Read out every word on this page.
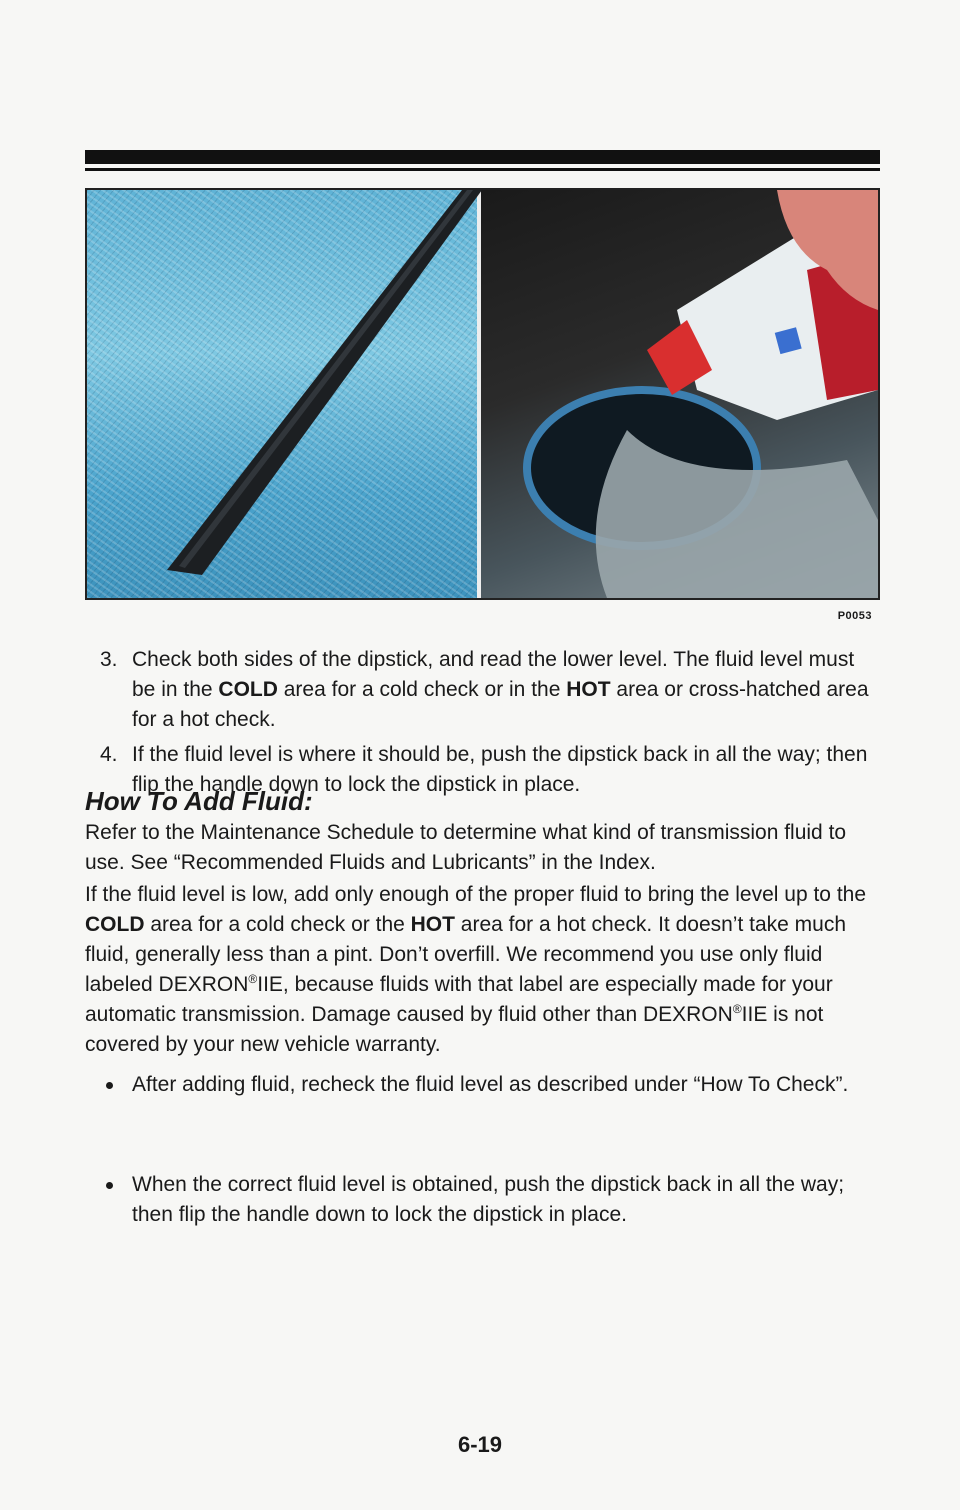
P0053
3. Check both sides of the dipstick, and read the lower level. The fluid level must be in the COLD area for a cold check or in the HOT area or cross-hatched area for a hot check.
4. If the fluid level is where it should be, push the dipstick back in all the way; then flip the handle down to lock the dipstick in place.
How To Add Fluid:
Refer to the Maintenance Schedule to determine what kind of transmission fluid to use. See “Recommended Fluids and Lubricants” in the Index.
If the fluid level is low, add only enough of the proper fluid to bring the level up to the COLD area for a cold check or the HOT area for a hot check. It doesn’t take much fluid, generally less than a pint. Don’t overfill. We recommend you use only fluid labeled DEXRON®IIE, because fluids with that label are especially made for your automatic transmission. Damage caused by fluid other than DEXRON®IIE is not covered by your new vehicle warranty.
After adding fluid, recheck the fluid level as described under “How To Check”.
When the correct fluid level is obtained, push the dipstick back in all the way; then flip the handle down to lock the dipstick in place.
6-19
